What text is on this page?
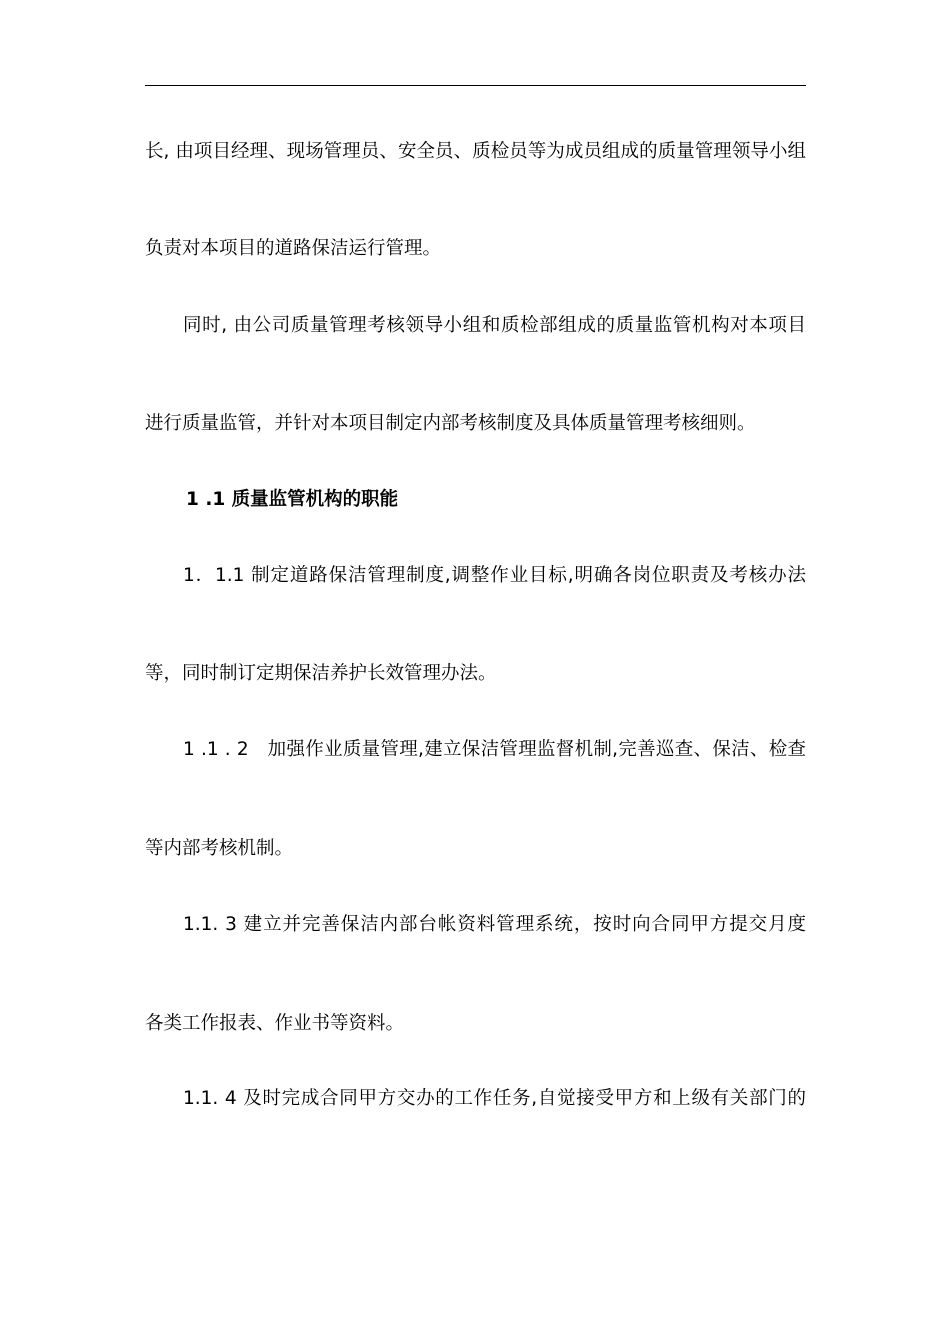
长, 由项目经理、现场管理员、安全员、质检员等为成员组成的质量管理领导小组
负责对本项目的道路保洁运行管理。
同时, 由公司质量管理考核领导小组和质检部组成的质量监管机构对本项目
进行质量监管，并针对本项目制定内部考核制度及具体质量管理考核细则。
1 .1 质量监管机构的职能
1．1.1 制定道路保洁管理制度,调整作业目标,明确各岗位职责及考核办法
等，同时制订定期保洁养护长效管理办法。
1 .1 . 2　加强作业质量管理,建立保洁管理监督机制,完善巡查、保洁、检查
等内部考核机制。
1.1. 3 建立并完善保洁内部台帐资料管理系统，按时向合同甲方提交月度
各类工作报表、作业书等资料。
1.1. 4 及时完成合同甲方交办的工作任务,自觉接受甲方和上级有关部门的
